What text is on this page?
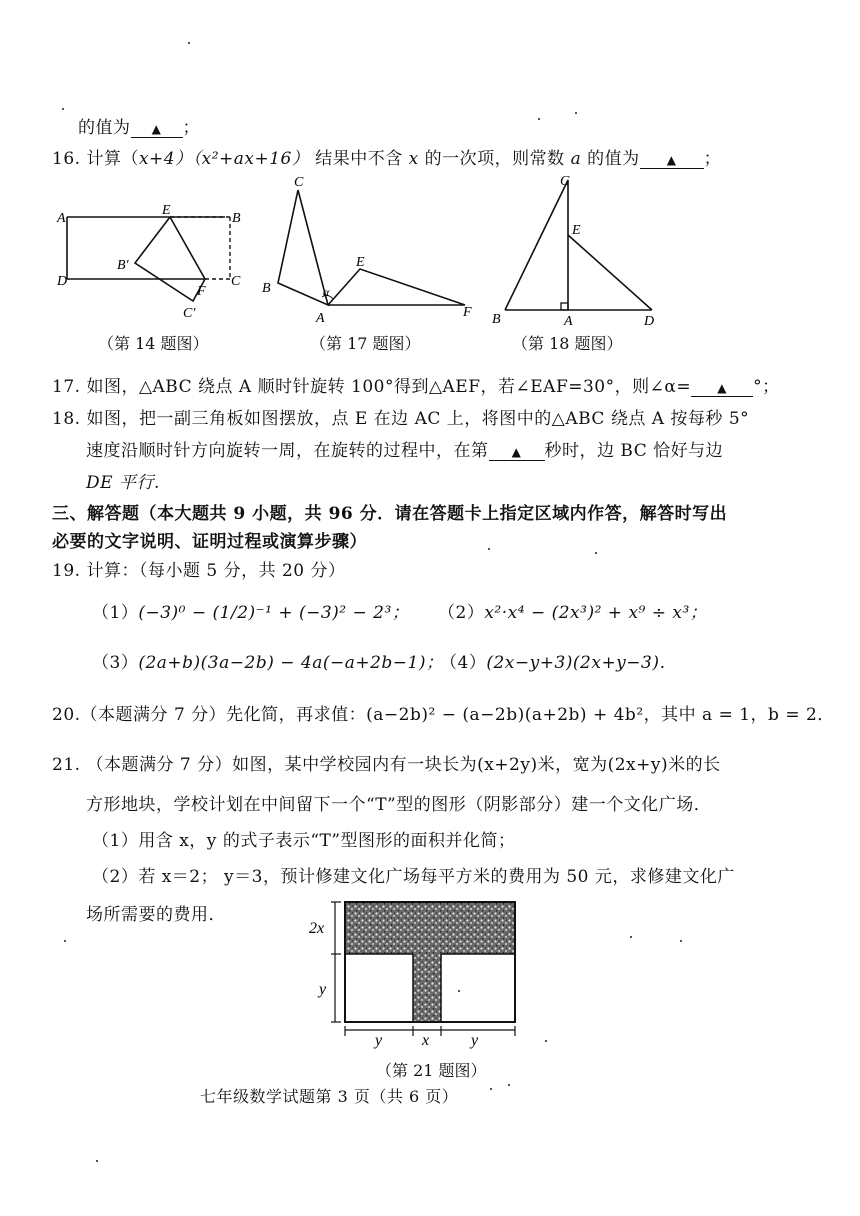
的值为 ▲ ；
16. 计算（x+4）（x²+ax+16） 结果中不含 x 的一次项，则常数 a 的值为 ▲ ；
A
E
B
D	C
F
B′
C′
（第 14 题图）
C
B
E
α
A	F
（第 17 题图）
C
E
B	A	D
（第 18 题图）
17. 如图，△ABC 绕点 A 顺时针旋转 100°得到△AEF，若∠EAF=30°，则∠α= ▲ °；
18. 如图，把一副三角板如图摆放，点 E 在边 AC 上，将图中的△ABC 绕点 A 按每秒 5°
速度沿顺时针方向旋转一周，在旋转的过程中，在第 ▲ 秒时，边 BC 恰好与边
DE 平行.
三、解答题（本大题共 9 小题，共 96 分．请在答题卡上指定区域内作答，解答时写出
必要的文字说明、证明过程或演算步骤）
19. 计算：（每小题 5 分，共 20 分）
（1）(−3)⁰ − (1/2)⁻¹ + (−3)² − 2³； （2）x²·x⁴ − (2x³)² + x⁹ ÷ x³；
（3）(2a+b)(3a−2b) − 4a(−a+2b−1)；
（4）(2x−y+3)(2x+y−3)．
20.（本题满分 7 分）先化简，再求值：(a−2b)² − (a−2b)(a+2b) + 4b²，其中 a = 1，b = 2．
21. （本题满分 7 分）如图，某中学校园内有一块长为(x+2y)米，宽为(2x+y)米的长
方形地块，学校计划在中间留下一个“T”型的图形（阴影部分）建一个文化广场．
（1）用含 x，y 的式子表示“T”型图形的面积并化简；
（2）若 x＝2； y＝3，预计修建文化广场每平方米的费用为 50 元，求修建文化广
场所需要的费用．
2x
y
y x	y
（第 21 题图）
七年级数学试题第 3 页（共 6 页）
